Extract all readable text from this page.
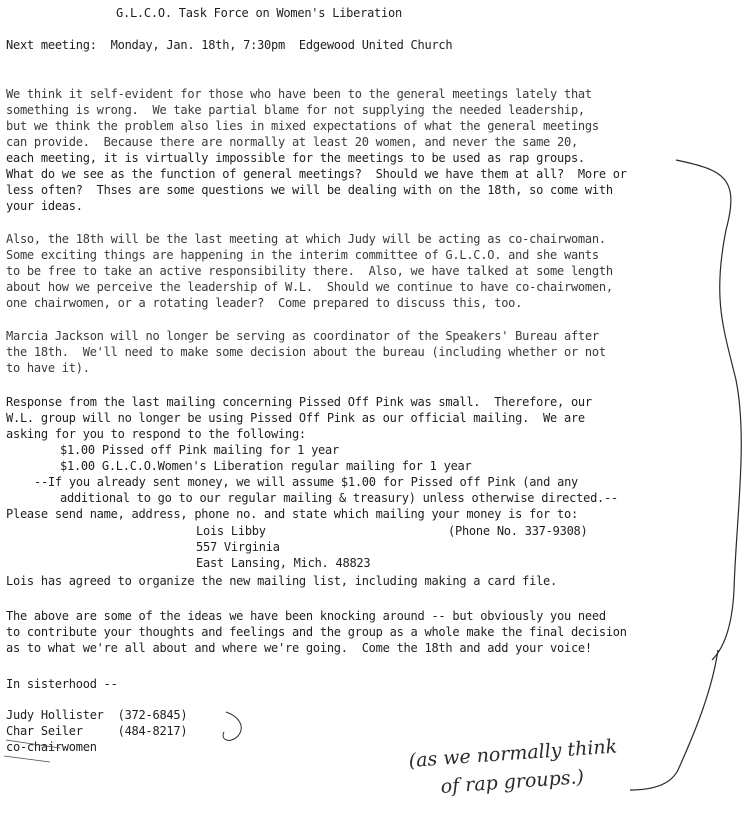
G.L.C.O. Task Force on Women's Liberation
Next meeting:  Monday, Jan. 18th, 7:30pm  Edgewood United Church
We think it self-evident for those who have been to the general meetings lately that
something is wrong.  We take partial blame for not supplying the needed leadership,
but we think the problem also lies in mixed expectations of what the general meetings
can provide.  Because there are normally at least 20 women, and never the same 20,
each meeting, it is virtually impossible for the meetings to be used as rap groups.
What do we see as the function of general meetings?  Should we have them at all?  More or
less often?  Thses are some questions we will be dealing with on the 18th, so come with
your ideas.
Also, the 18th will be the last meeting at which Judy will be acting as co-chairwoman.
Some exciting things are happening in the interim committee of G.L.C.O. and she wants
to be free to take an active responsibility there.  Also, we have talked at some length
about how we perceive the leadership of W.L.  Should we continue to have co-chairwomen,
one chairwomen, or a rotating leader?  Come prepared to discuss this, too.
Marcia Jackson will no longer be serving as coordinator of the Speakers' Bureau after
the 18th.  We'll need to make some decision about the bureau (including whether or not
to have it).
Response from the last mailing concerning Pissed Off Pink was small.  Therefore, our
W.L. group will no longer be using Pissed Off Pink as our official mailing.  We are
asking for you to respond to the following:
$1.00 Pissed off Pink mailing for 1 year
$1.00 G.L.C.O.Women's Liberation regular mailing for 1 year
--If you already sent money, we will assume $1.00 for Pissed off Pink (and any
additional to go to our regular mailing & treasury) unless otherwise directed.--
Please send name, address, phone no. and state which mailing your money is for to:
Lois Libby	(Phone No. 337-9308)
557 Virginia
East Lansing, Mich. 48823
Lois has agreed to organize the new mailing list, including making a card file.
The above are some of the ideas we have been knocking around -- but obviously you need
to contribute your thoughts and feelings and the group as a whole make the final decision
as to what we're all about and where we're going.  Come the 18th and add your voice!
In sisterhood --
Judy Hollister  (372-6845)
Char Seiler     (484-8217)
co-chairwomen	(as we normally think
of rap groups.)
